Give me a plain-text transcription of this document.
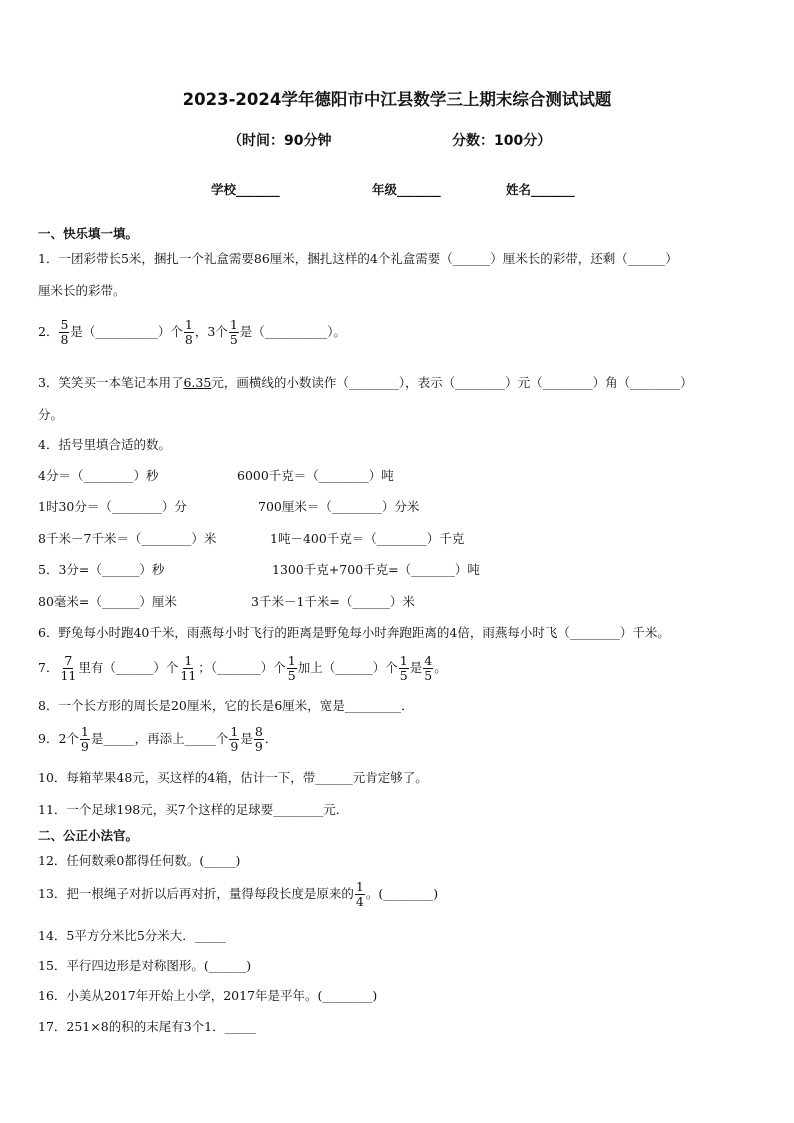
2023-2024学年德阳市中江县数学三上期末综合测试试题
（时间：90分钟	分数：100分）
学校_______	年级_______	姓名_______
一、快乐填一填。
1．一团彩带长5米，捆扎一个礼盒需要86厘米，捆扎这样的4个礼盒需要（______）厘米长的彩带，还剩（______）
厘米长的彩带。
2． $\frac{5}{8}$ 是（__________）个 $\frac{1}{8}$ ，3个 $\frac{1}{5}$ 是（__________）。
3．笑笑买一本笔记本用了6.35元，画横线的小数读作（________），表示（________）元（________）角（________）
分。
4．括号里填合适的数。
4分＝（________）秒	6000千克＝（________）吨
1时30分＝（________）分	700厘米＝（________）分米
8千米－7千米＝（________）米	1吨－400千克＝（________）千克
5．3分=（______）秒	1300千克+700千克=（_______）吨
80毫米=（______）厘米	3千米－1千米=（______）米
6．野兔每小时跑40千米，雨燕每小时飞行的距离是野兔每小时奔跑距离的4倍，雨燕每小时飞（________）千米。
7． $\frac{7}{11}$ 里有（______）个 $\frac{1}{11}$ ；（_______）个 $\frac{1}{5}$ 加上（______）个 $\frac{1}{5}$ 是 $\frac{4}{5}$ 。
8．一个长方形的周长是20厘米，它的长是6厘米，宽是_________．
9．2个 $\frac{1}{9}$ 是_____，再添上_____个 $\frac{1}{9}$ 是 $\frac{8}{9}$ ．
10．每箱苹果48元，买这样的4箱，估计一下，带______元肯定够了。
11．一个足球198元，买7个这样的足球要________元．
二、公正小法官。
12．任何数乘0都得任何数。(_____)
13．把一根绳子对折以后再对折，量得每段长度是原来的 $\frac{1}{4}$ 。(________)
14．5平方分米比5分米大．_____
15．平行四边形是对称图形。(______)
16．小美从2017年开始上小学，2017年是平年。(________)
17．251×8的积的末尾有3个1．_____
